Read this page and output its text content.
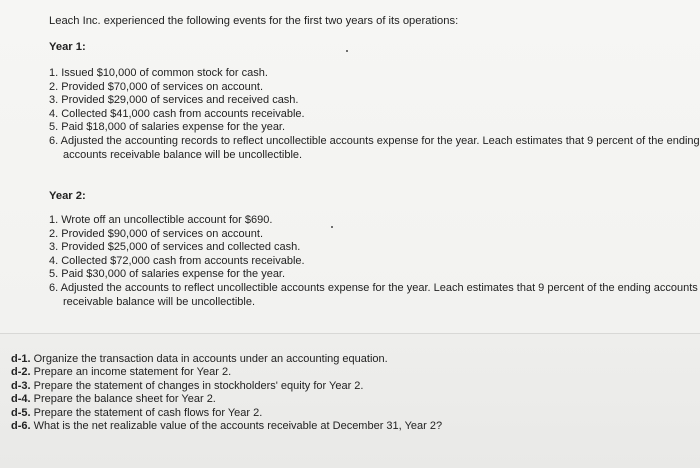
Leach Inc. experienced the following events for the first two years of its operations:
Year 1:
1. Issued $10,000 of common stock for cash.
2. Provided $70,000 of services on account.
3. Provided $29,000 of services and received cash.
4. Collected $41,000 cash from accounts receivable.
5. Paid $18,000 of salaries expense for the year.
6. Adjusted the accounting records to reflect uncollectible accounts expense for the year. Leach estimates that 9 percent of the ending accounts receivable balance will be uncollectible.
Year 2:
1. Wrote off an uncollectible account for $690.
2. Provided $90,000 of services on account.
3. Provided $25,000 of services and collected cash.
4. Collected $72,000 cash from accounts receivable.
5. Paid $30,000 of salaries expense for the year.
6. Adjusted the accounts to reflect uncollectible accounts expense for the year. Leach estimates that 9 percent of the ending accounts receivable balance will be uncollectible.
d-1. Organize the transaction data in accounts under an accounting equation.
d-2. Prepare an income statement for Year 2.
d-3. Prepare the statement of changes in stockholders' equity for Year 2.
d-4. Prepare the balance sheet for Year 2.
d-5. Prepare the statement of cash flows for Year 2.
d-6. What is the net realizable value of the accounts receivable at December 31, Year 2?
